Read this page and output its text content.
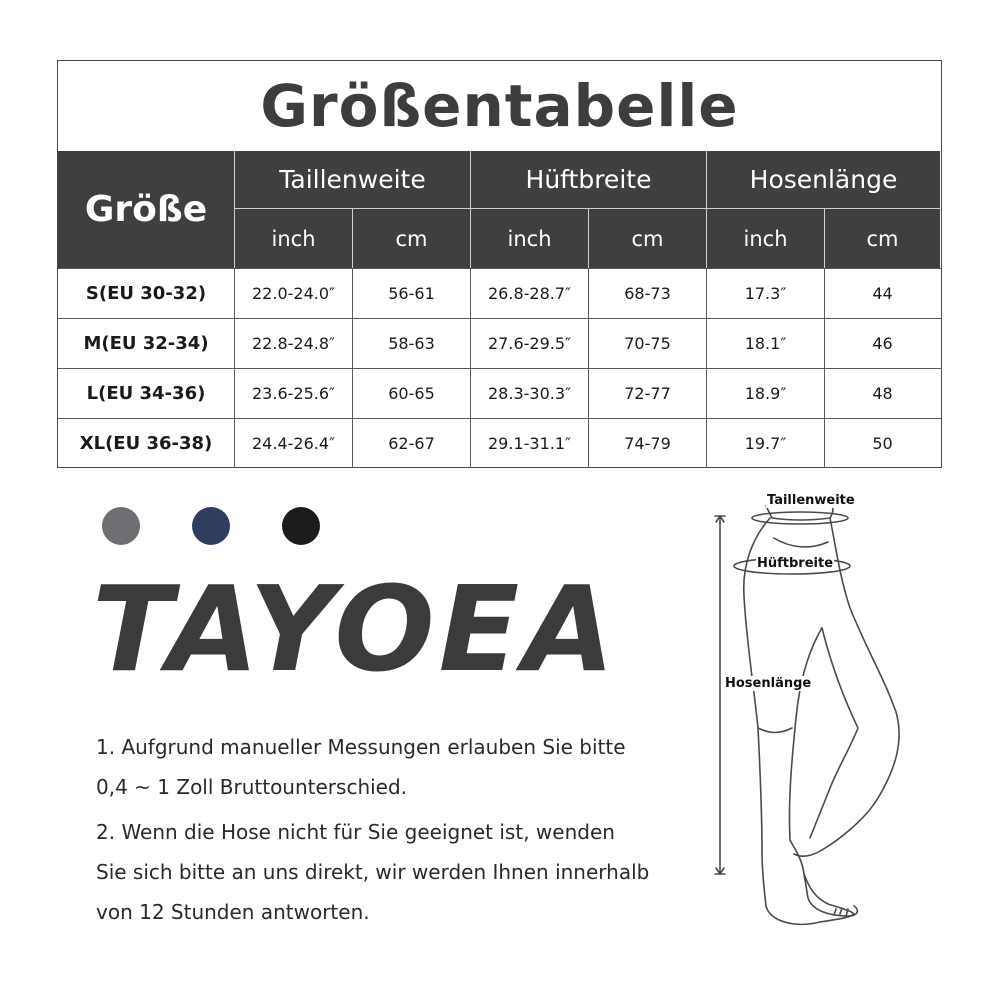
Größentabelle
Größe
Taillenweite	Hüftbreite	Hosenlänge
inch	cm	inch	cm	inch	cm
S(EU 30-32)	22.0-24.0″	56-61	26.8-28.7″	68-73	17.3″	44
M(EU 32-34)	22.8-24.8″	58-63	27.6-29.5″	70-75	18.1″	46
L(EU 34-36)	23.6-25.6″	60-65	28.3-30.3″	72-77	18.9″	48
XL(EU 36-38)	24.4-26.4″	62-67	29.1-31.1″	74-79	19.7″	50
TAYOEA
1. Aufgrund manueller Messungen erlauben Sie bitte
0,4 ~ 1 Zoll Bruttounterschied.
2. Wenn die Hose nicht für Sie geeignet ist, wenden
Sie sich bitte an uns direkt, wir werden Ihnen innerhalb
von 12 Stunden antworten.
Taillenweite
Hüftbreite
Hosenlänge
